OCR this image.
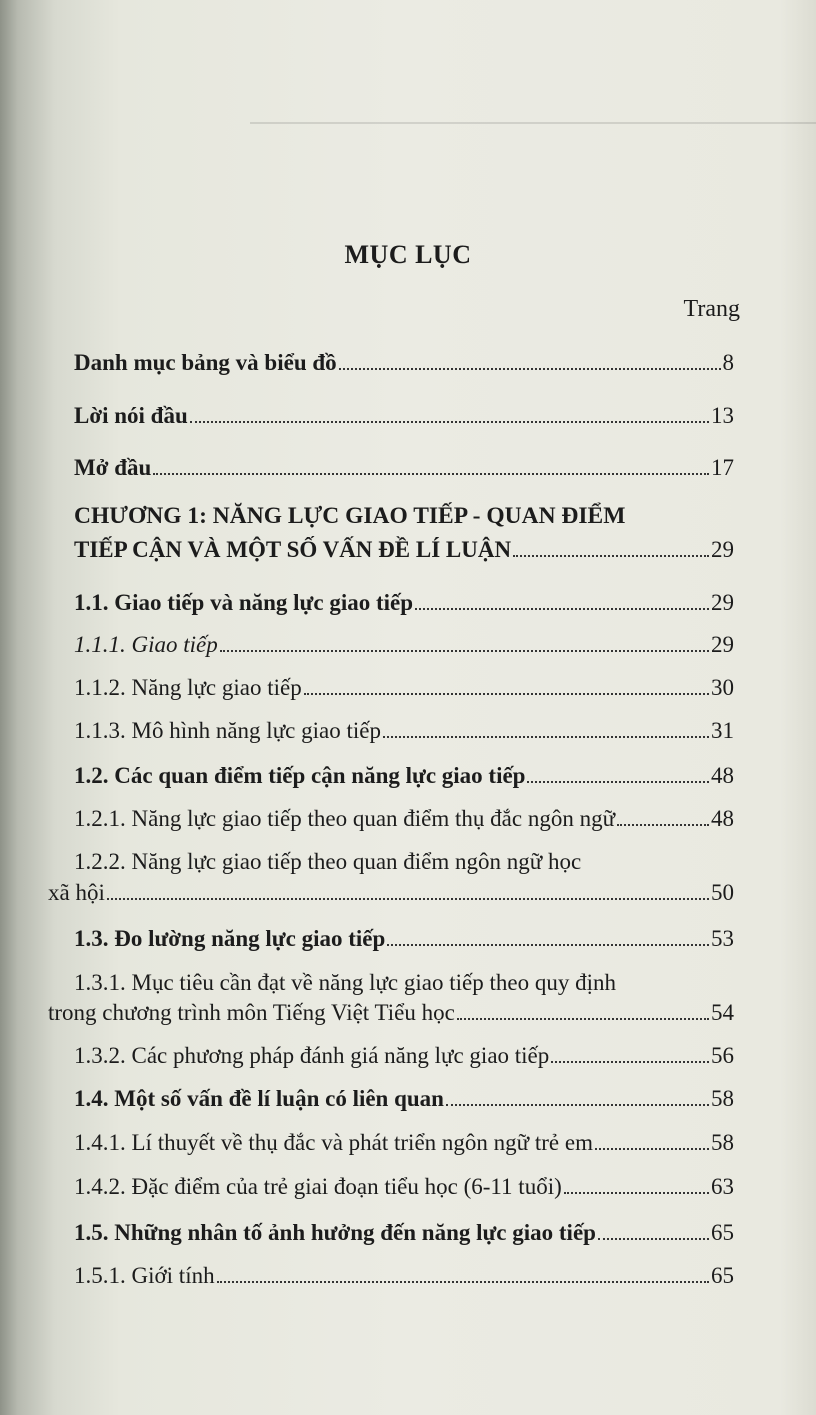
MỤC LỤC
Trang
Danh mục bảng và biểu đồ	8
Lời nói đầu	13
Mở đầu	17
CHƯƠNG 1: NĂNG LỰC GIAO TIẾP - QUAN ĐIỂM
TIẾP CẬN VÀ MỘT SỐ VẤN ĐỀ LÍ LUẬN	29
1.1. Giao tiếp và năng lực giao tiếp	29
1.1.1. Giao tiếp	29
1.1.2. Năng lực giao tiếp	30
1.1.3. Mô hình năng lực giao tiếp	31
1.2. Các quan điểm tiếp cận năng lực giao tiếp	48
1.2.1. Năng lực giao tiếp theo quan điểm thụ đắc ngôn ngữ	48
1.2.2. Năng lực giao tiếp theo quan điểm ngôn ngữ học
xã hội	50
1.3. Đo lường năng lực giao tiếp	53
1.3.1. Mục tiêu cần đạt về năng lực giao tiếp theo quy định
trong chương trình môn Tiếng Việt Tiểu học	54
1.3.2. Các phương pháp đánh giá năng lực giao tiếp	56
1.4. Một số vấn đề lí luận có liên quan	58
1.4.1. Lí thuyết về thụ đắc và phát triển ngôn ngữ trẻ em	58
1.4.2. Đặc điểm của trẻ giai đoạn tiểu học (6-11 tuổi)	63
1.5. Những nhân tố ảnh hưởng đến năng lực giao tiếp	65
1.5.1. Giới tính	65
